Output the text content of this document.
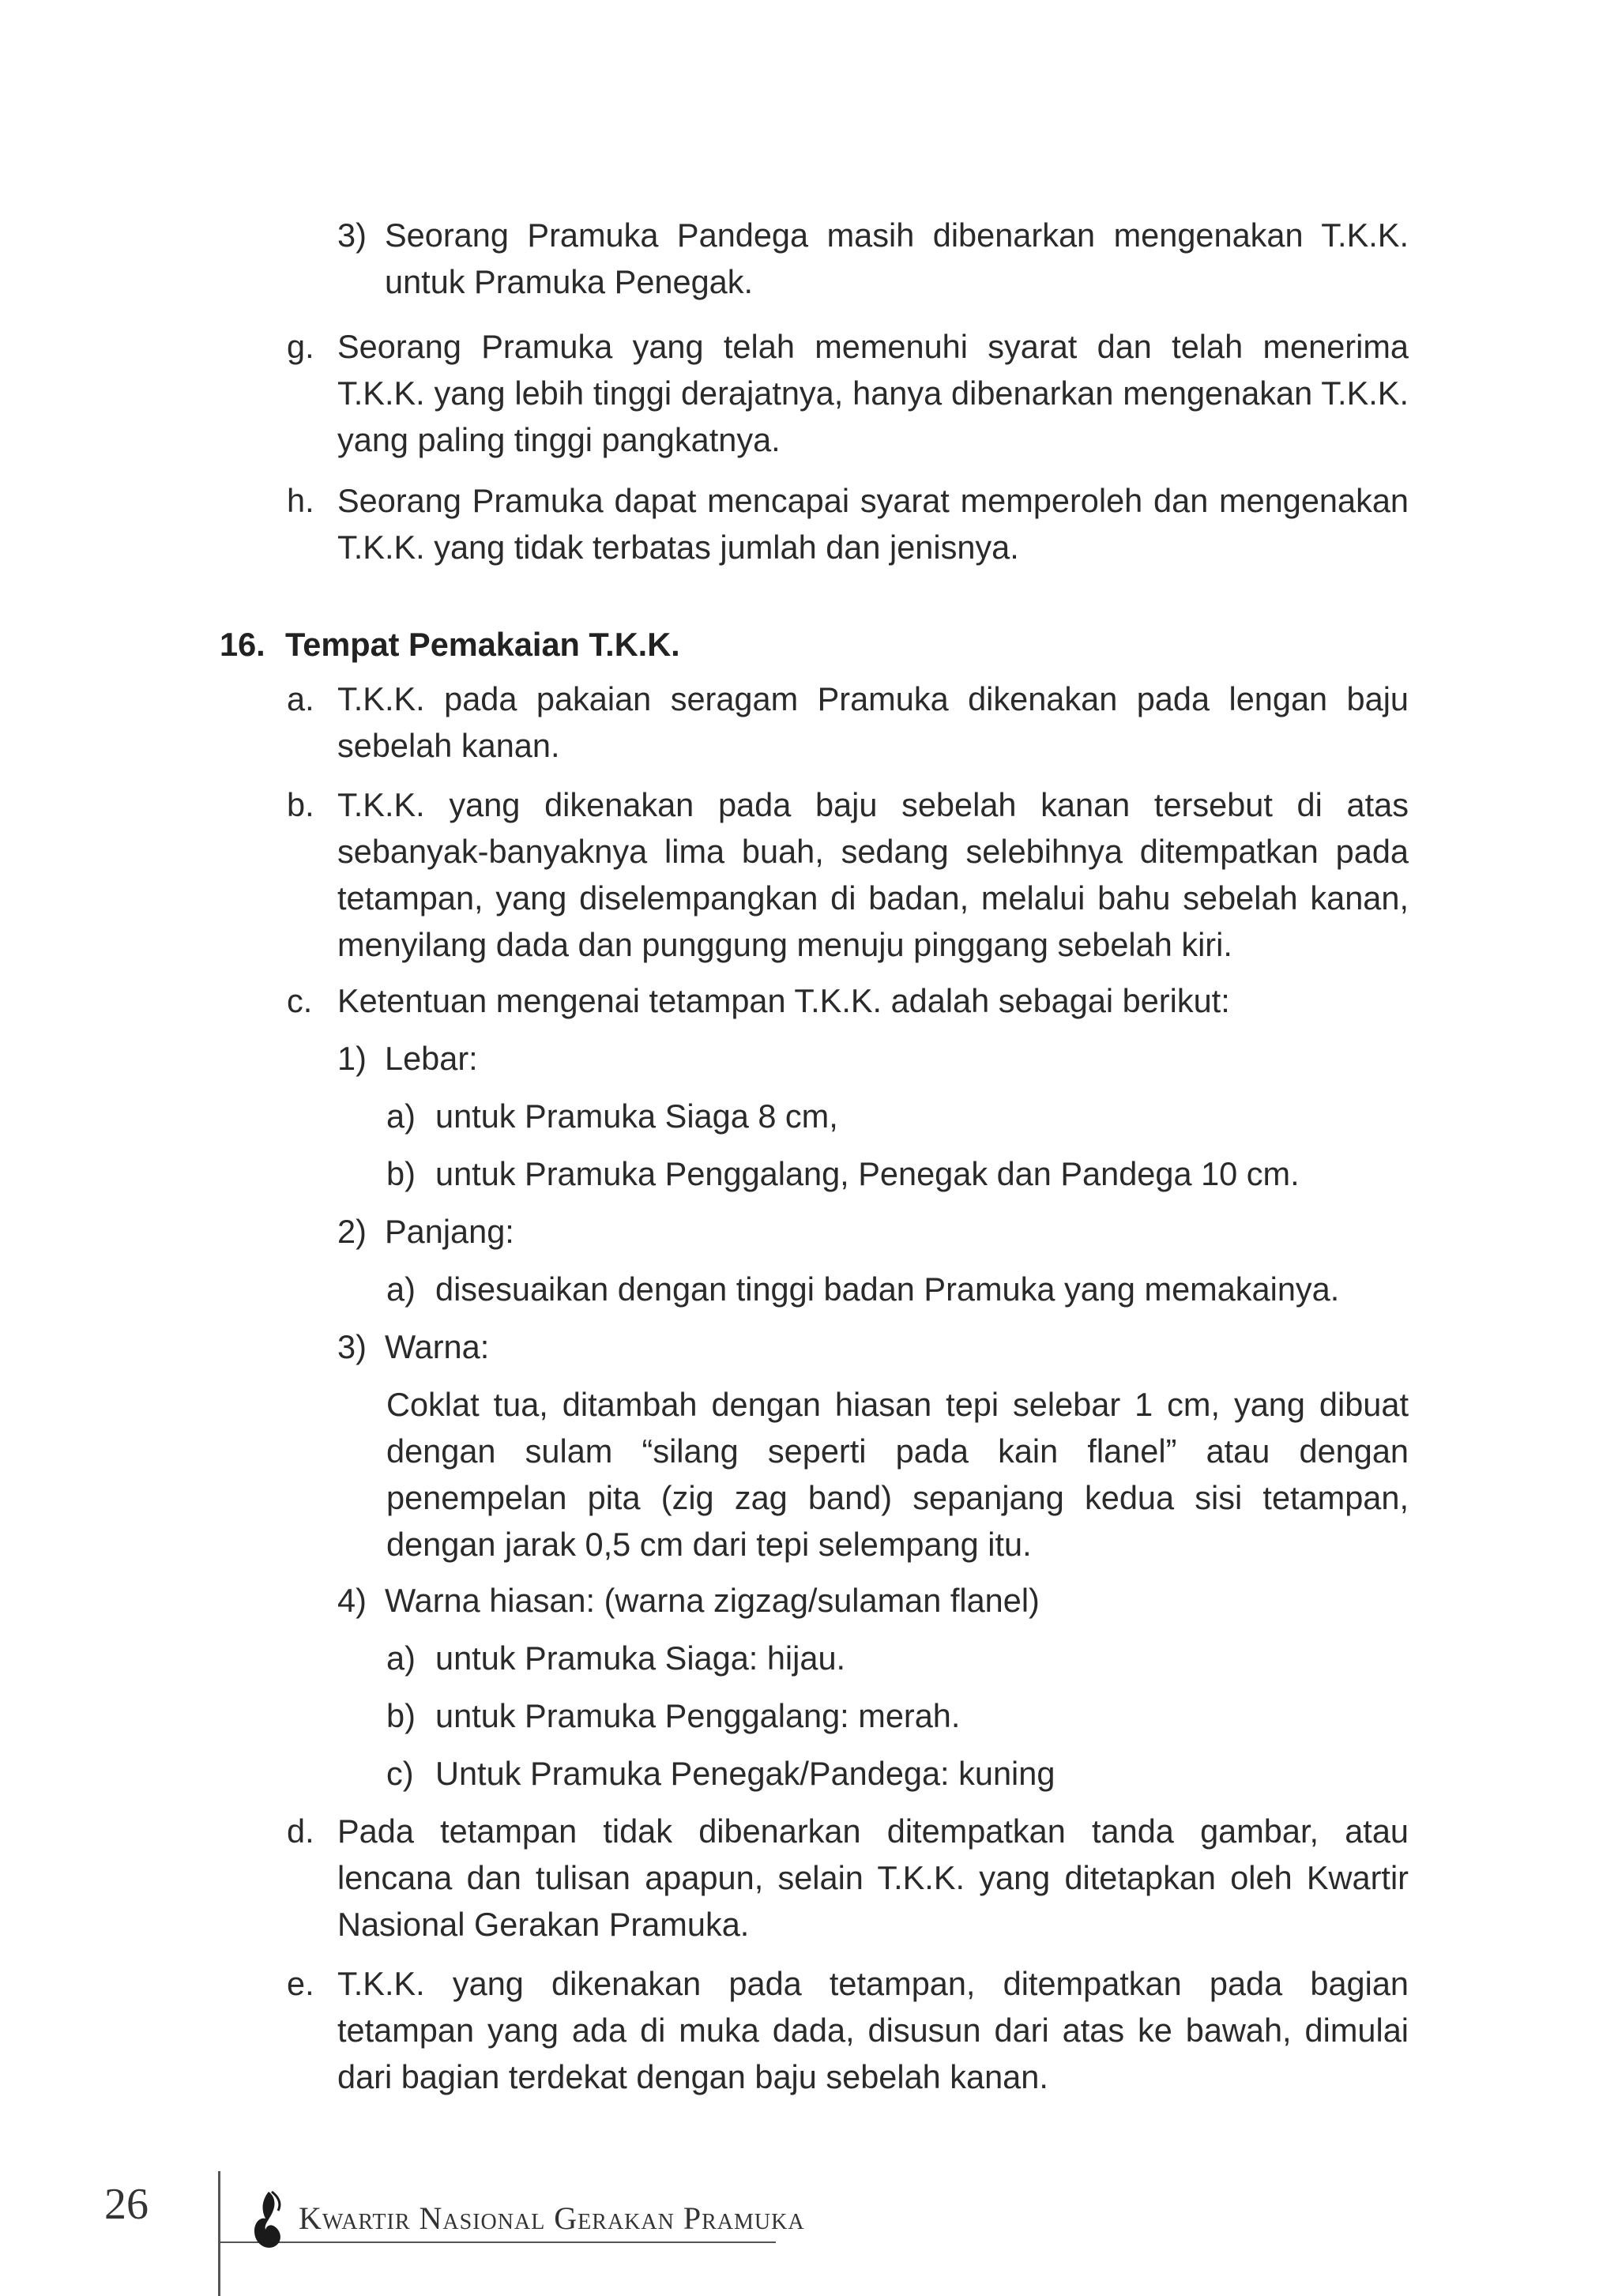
3) Seorang Pramuka Pandega masih dibenarkan mengenakan T.K.K. untuk Pramuka Penegak.
g. Seorang Pramuka yang telah memenuhi syarat dan telah menerima T.K.K. yang lebih tinggi derajatnya, hanya dibenarkan mengenakan T.K.K. yang paling tinggi pangkatnya.
h. Seorang Pramuka dapat mencapai syarat memperoleh dan mengenakan T.K.K. yang tidak terbatas jumlah dan jenisnya.
16. Tempat Pemakaian T.K.K.
a. T.K.K. pada pakaian seragam Pramuka dikenakan pada lengan baju sebelah kanan.
b. T.K.K. yang dikenakan pada baju sebelah kanan tersebut di atas sebanyak-banyaknya lima buah, sedang selebihnya ditempatkan pada tetampan, yang diselempangkan di badan, melalui bahu sebelah kanan, menyilang dada dan punggung menuju pinggang sebelah kiri.
c. Ketentuan mengenai tetampan T.K.K. adalah sebagai berikut:
1) Lebar:
a) untuk Pramuka Siaga 8 cm,
b) untuk Pramuka Penggalang, Penegak dan Pandega 10 cm.
2) Panjang:
a) disesuaikan dengan tinggi badan Pramuka yang memakainya.
3) Warna:
Coklat tua, ditambah dengan hiasan tepi selebar 1 cm, yang dibuat dengan sulam “silang seperti pada kain flanel” atau dengan penempelan pita (zig zag band) sepanjang kedua sisi tetampan, dengan jarak 0,5 cm dari tepi selempang itu.
4) Warna hiasan: (warna zigzag/sulaman flanel)
a) untuk Pramuka Siaga: hijau.
b) untuk Pramuka Penggalang: merah.
c) Untuk Pramuka Penegak/Pandega: kuning
d. Pada tetampan tidak dibenarkan ditempatkan tanda gambar, atau lencana dan tulisan apapun, selain T.K.K. yang ditetapkan oleh Kwartir Nasional Gerakan Pramuka.
e. T.K.K. yang dikenakan pada tetampan, ditempatkan pada bagian tetampan yang ada di muka dada, disusun dari atas ke bawah, dimulai dari bagian terdekat dengan baju sebelah kanan.
26	Kwartir Nasional Gerakan Pramuka
